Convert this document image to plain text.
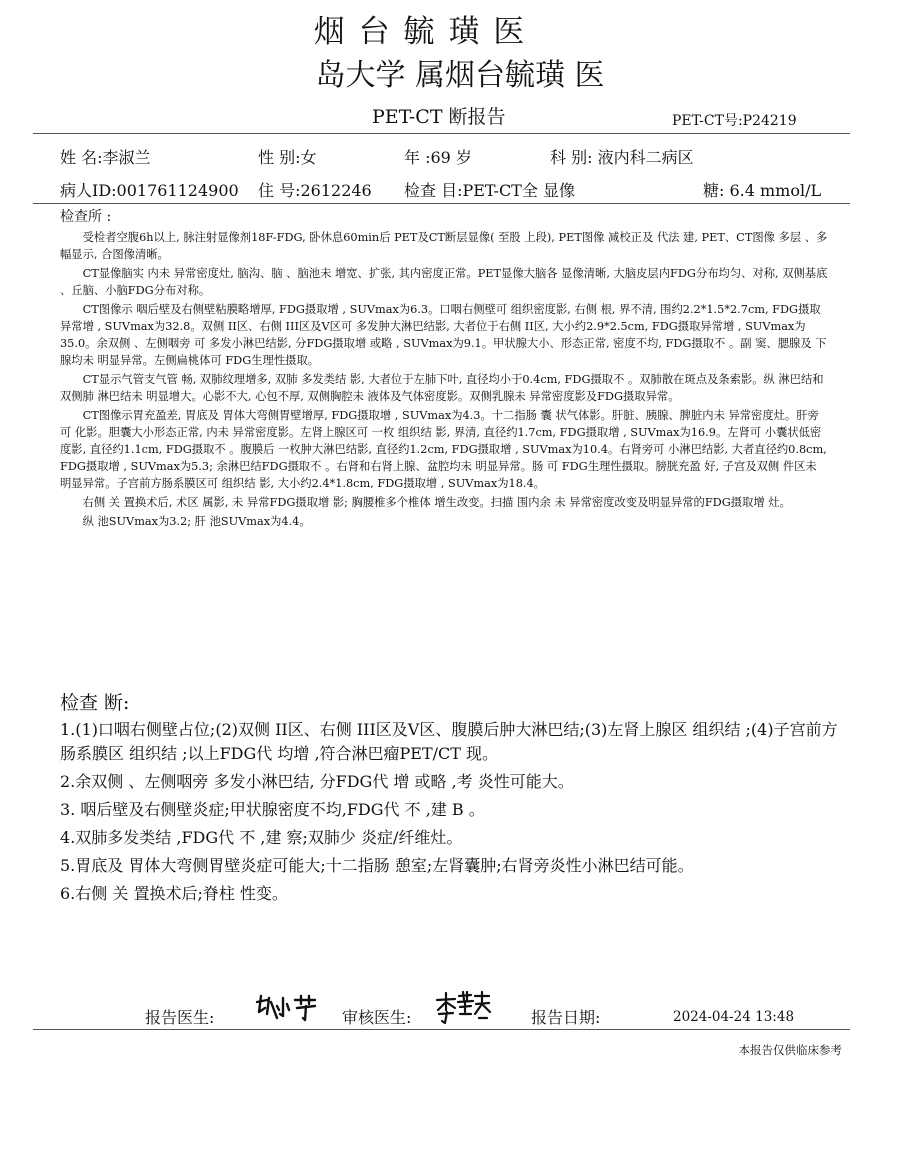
烟 台 毓 璜 医
岛大学 属烟台毓璜 医
PET-CT 断报告	PET-CT号:P24219
姓 名:李淑兰	性 别:女	年 :69 岁	科 别: 液内科二病区
病人ID:001761124900 住 号:2612246 检查 目:PET-CT全 显像	糖: 6.4 mmol/L
检查所 :

受检者空腹6h以上, 脉注射显像剂18F-FDG, 卧休息60min后 PET及CT断层显像( 至股 上段), PET图像 减校正及 代法 建, PET、CT图像 多层 、多幅显示, 合图像清晰。

CT显像脑实 内未 异常密度灶, 脑沟、脑 、脑池未 增宽、扩张, 其内密度正常。PET显像大脑各 显像清晰, 大脑皮层内FDG分布均匀、对称, 双侧基底 、丘脑、小脑FDG分布对称。

CT图像示 咽后壁及右侧壁粘膜略增厚, FDG摄取增 , SUVmax为6.3。口咽右侧壁可 组织密度影, 右侧 根, 界不清, 围约2.2*1.5*2.7cm, FDG摄取异常增 , SUVmax为32.8。双侧 II区、右侧 III区及V区可 多发肿大淋巴结影, 大者位于右侧 II区, 大小约2.9*2.5cm, FDG摄取异常增 , SUVmax为35.0。余双侧 、左侧咽旁 可 多发小淋巴结影, 分FDG摄取增 或略 , SUVmax为9.1。甲状腺大小、形态正常, 密度不均, FDG摄取不 。副 窦、腮腺及 下腺均未 明显异常。左侧扁桃体可 FDG生理性摄取。

CT显示气管支气管 畅, 双肺纹理增多, 双肺 多发类结 影, 大者位于左肺下叶, 直径均小于0.4cm, FDG摄取不 。双肺散在斑点及条索影。纵 淋巴结和双侧肺 淋巴结未 明显增大。心影不大, 心包不厚, 双侧胸腔未 液体及气体密度影。双侧乳腺未 异常密度影及FDG摄取异常。

CT图像示胃充盈差, 胃底及 胃体大弯侧胃壁增厚, FDG摄取增 , SUVmax为4.3。十二指肠 囊 状气体影。肝脏、胰腺、脾脏内未 异常密度灶。肝旁可 化影。胆囊大小形态正常, 内未 异常密度影。左肾上腺区可 一枚 组织结 影, 界清, 直径约1.7cm, FDG摄取增 , SUVmax为16.9。左肾可 小囊状低密度影, 直径约1.1cm, FDG摄取不 。腹膜后 一枚肿大淋巴结影, 直径约1.2cm, FDG摄取增 , SUVmax为10.4。右肾旁可 小淋巴结影, 大者直径约0.8cm, FDG摄取增 , SUVmax为5.3; 余淋巴结FDG摄取不 。右肾和右肾上腺、盆腔均未 明显异常。肠 可 FDG生理性摄取。膀胱充盈 好, 子宫及双侧 件区未 明显异常。子宫前方肠系膜区可 组织结 影, 大小约2.4*1.8cm, FDG摄取增 , SUVmax为18.4。

右侧 关 置换术后, 术区 属影, 未 异常FDG摄取增 影; 胸腰椎多个椎体 增生改变。扫描 围内余 未 异常密度改变及明显异常的FDG摄取增 灶。

纵 池SUVmax为3.2; 肝 池SUVmax为4.4。

检查 断:

1.(1)口咽右侧壁占位;(2)双侧 II区、右侧 III区及V区、腹膜后肿大淋巴结;(3)左肾上腺区 组织结 ;(4)子宫前方肠系膜区 组织结 ;以上FDG代 均增 ,符合淋巴瘤PET/CT 现。

2.余双侧 、左侧咽旁 多发小淋巴结, 分FDG代 增 或略 ,考 炎性可能大。

3. 咽后壁及右侧壁炎症;甲状腺密度不均,FDG代 不 ,建 B 。

4.双肺多发类结 ,FDG代 不 ,建 察;双肺少 炎症/纤维灶。

5.胃底及 胃体大弯侧胃壁炎症可能大;十二指肠 憩室;左肾囊肿;右肾旁炎性小淋巴结可能。

6.右侧 关 置换术后;脊柱 性变。

报告医生:	审核医生:	报告日期:	2024-04-24 13:48
本报告仅供临床参考
